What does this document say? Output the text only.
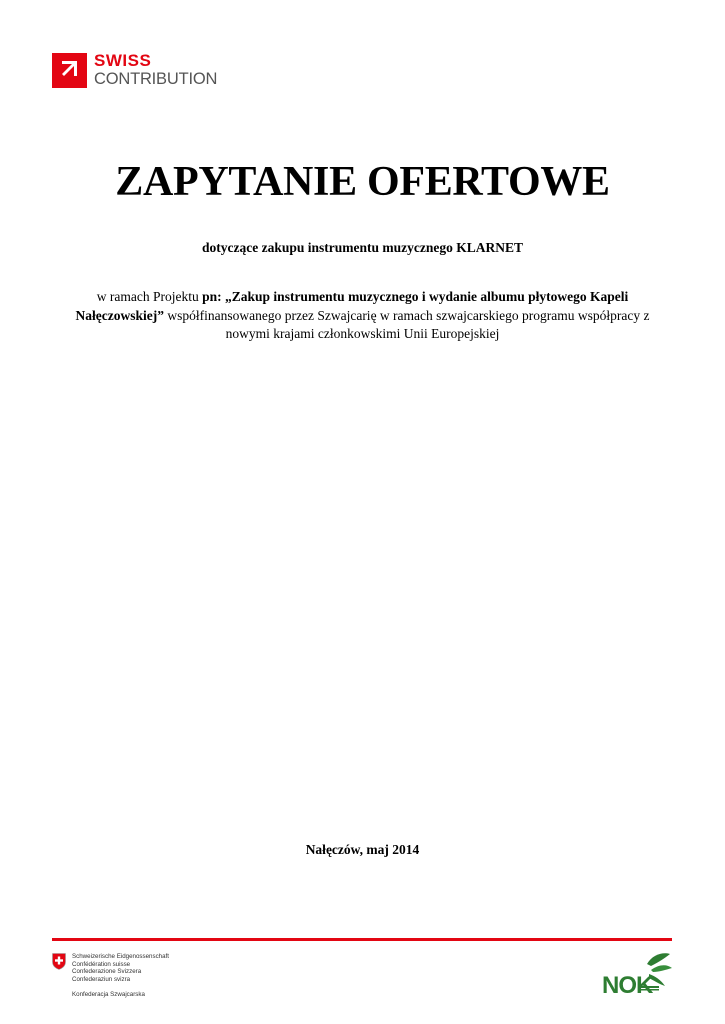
SWISS
CONTRIBUTION
ZAPYTANIE OFERTOWE
dotyczące zakupu instrumentu muzycznego KLARNET
w ramach Projektu pn: „Zakup instrumentu muzycznego i wydanie albumu płytowego Kapeli Nałęczowskiej” współfinansowanego przez Szwajcarię w ramach szwajcarskiego programu współpracy z nowymi krajami członkowskimi Unii Europejskiej
Nałęczów, maj 2014
Schweizerische Eidgenossenschaft
Confédération suisse
Confederazione Svizzera
Confederaziun svizra
Konfederacja Szwajcarska	NOK
